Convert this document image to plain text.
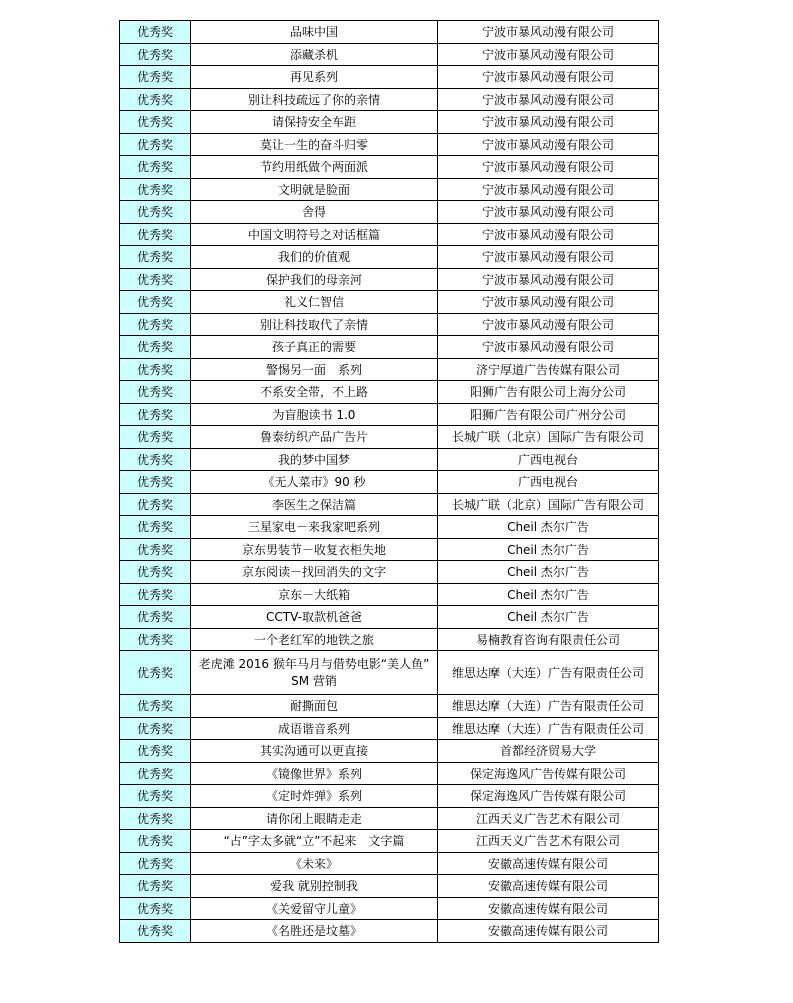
优秀奖	品味中国	宁波市暴风动漫有限公司
优秀奖	添藏杀机	宁波市暴风动漫有限公司
优秀奖	再见系列	宁波市暴风动漫有限公司
优秀奖	别让科技疏远了你的亲情	宁波市暴风动漫有限公司
优秀奖	请保持安全车距	宁波市暴风动漫有限公司
优秀奖	莫让一生的奋斗归零	宁波市暴风动漫有限公司
优秀奖	节约用纸做个两面派	宁波市暴风动漫有限公司
优秀奖	文明就是脸面	宁波市暴风动漫有限公司
优秀奖	舍得	宁波市暴风动漫有限公司
优秀奖	中国文明符号之对话框篇	宁波市暴风动漫有限公司
优秀奖	我们的价值观	宁波市暴风动漫有限公司
优秀奖	保护我们的母亲河	宁波市暴风动漫有限公司
优秀奖	礼义仁智信	宁波市暴风动漫有限公司
优秀奖	别让科技取代了亲情	宁波市暴风动漫有限公司
优秀奖	孩子真正的需要	宁波市暴风动漫有限公司
优秀奖	警惕另一面　系列	济宁厚道广告传媒有限公司
优秀奖	不系安全带，不上路	阳狮广告有限公司上海分公司
优秀奖	为盲胞读书 1.0	阳狮广告有限公司广州分公司
优秀奖	鲁泰纺织产品广告片	长城广联（北京）国际广告有限公司
优秀奖	我的梦中国梦	广西电视台
优秀奖	《无人菜市》90 秒	广西电视台
优秀奖	李医生之保洁篇	长城广联（北京）国际广告有限公司
优秀奖	三星家电－来我家吧系列	Cheil 杰尔广告
优秀奖	京东男装节－收复衣柜失地	Cheil 杰尔广告
优秀奖	京东阅读－找回消失的文字	Cheil 杰尔广告
优秀奖	京东－大纸箱	Cheil 杰尔广告
优秀奖	CCTV-取款机爸爸	Cheil 杰尔广告
优秀奖	一个老红军的地铁之旅	易楠教育咨询有限责任公司
优秀奖	老虎滩 2016 猴年马月与借势电影“美人鱼” SM 营销	维思达摩（大连）广告有限责任公司
优秀奖	耐撕面包	维思达摩（大连）广告有限责任公司
优秀奖	成语谐音系列	维思达摩（大连）广告有限责任公司
优秀奖	其实沟通可以更直接	首都经济贸易大学
优秀奖	《镜像世界》系列	保定海逸风广告传媒有限公司
优秀奖	《定时炸弹》系列	保定海逸风广告传媒有限公司
优秀奖	请你闭上眼睛走走	江西天义广告艺术有限公司
优秀奖	“占”字太多就“立”不起来　文字篇	江西天义广告艺术有限公司
优秀奖	《未来》	安徽高速传媒有限公司
优秀奖	爱我 就别控制我	安徽高速传媒有限公司
优秀奖	《关爱留守儿童》	安徽高速传媒有限公司
优秀奖	《名胜还是坟墓》	安徽高速传媒有限公司
